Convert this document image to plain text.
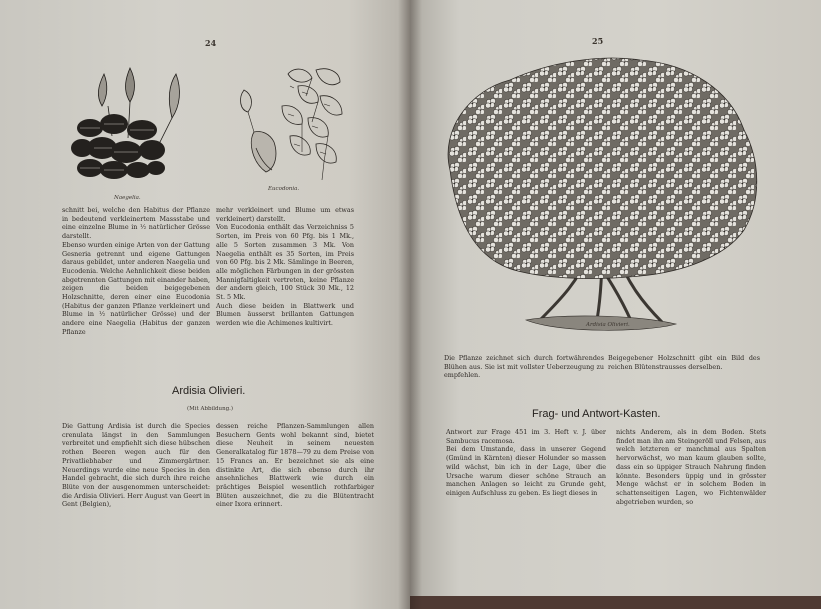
24
Naegelia.
Eucodonia.

schnitt bei, welche den Habitus der Pflanze in bedeutend verkleinertem Massstabe und eine einzelne Blume in ½ natürlicher Grösse darstellt.
Ebenso wurden einige Arten von der Gattung Gesneria getrennt und eigene Gattungen daraus gebildet, unter anderen Naegelia und Eucodenia. Welche Aehnlichkeit diese beiden abgetrennten Gattungen mit einander haben, zeigen die beiden beigegebenen Holzschnitte, deren einer eine Eucodonia (Habitus der ganzen Pflanze verkleinert und Blume in ½ natürlicher Grösse) und der andere eine Naegelia (Habitus der ganzen Pflanze

mehr verkleinert und Blume um etwas verkleinert) darstellt.
Von Eucodonia enthält das Verzeichniss 5 Sorten, im Preis von 60 Pfg. bis 1 Mk., alle 5 Sorten zusammen 3 Mk. Von Naegelia enthält es 35 Sorten, im Preis von 60 Pfg. bis 2 Mk. Sämlinge in Beeren, alle möglichen Färbungen in der grössten Mannigfaltigkeit vertreten, keine Pflanze der andern gleich, 100 Stück 30 Mk., 12 St. 5 Mk.
Auch diese beiden in Blattwerk und Blumen äusserst brillanten Gattungen werden wie die Achimenes kultivirt.

Ardisia Olivieri.
(Mit Abbildung.)

Die Gattung Ardisia ist durch die Species crenulata längst in den Sammlungen verbreitet und empfiehlt sich diese hübschen rothen Beeren wegen auch für den Privatliebhaber und Zimmergärtner. Neuerdings wurde eine neue Species in den Handel gebracht, die sich durch ihre reiche Blüte von der ausgenommen unterscheidet: die Ardisia Olivieri. Herr August van Geert in Gent (Belgien),

dessen reiche Pflanzen-Sammlungen allen Besuchern Gents wohl bekannt sind, bietet diese Neuheit in seinem neuesten Generalkatalog für 1878—79 zu dem Preise von 15 Francs an. Er bezeichnet sie als eine distinkte Art, die sich ebenso durch ihr ansehnliches Blattwerk wie durch ein prächtiges Beispiel wesentlich rothfarbiger Blüten auszeichnet, die zu die Blütentracht einer Ixora erinnert.

25
Ardisia Olivieri.

Die Pflanze zeichnet sich durch fortwährendes Blühen aus. Sie ist mit vollster Ueberzeugung zu empfehlen.

Beigegebener Holzschnitt gibt ein Bild des reichen Blütenstrausses derselben.

Frag- und Antwort-Kasten.

Antwort zur Frage 451 im 3. Heft v. J. über Sambucus racemosa.
Bei dem Umstande, dass in unserer Gegend (Gmünd in Kärnten) dieser Holunder so massen wild wächst, bin ich in der Lage, über die Ursache warum dieser schöne Strauch an manchen Anlagen so leicht zu Grunde geht, einigen Aufschluss zu geben. Es liegt dieses in

nichts Anderem, als in dem Boden. Stets findet man ihn am Steingeröll und Felsen, aus welch letzteren er manchmal aus Spalten hervorwächst, wo man kaum glauben sollte, dass ein so üppiger Strauch Nahrung finden könnte. Besonders üppig und in grösster Menge wächst er in solchem Boden in schattenseitigen Lagen, wo Fichtenwälder abgetrieben wurden, so
